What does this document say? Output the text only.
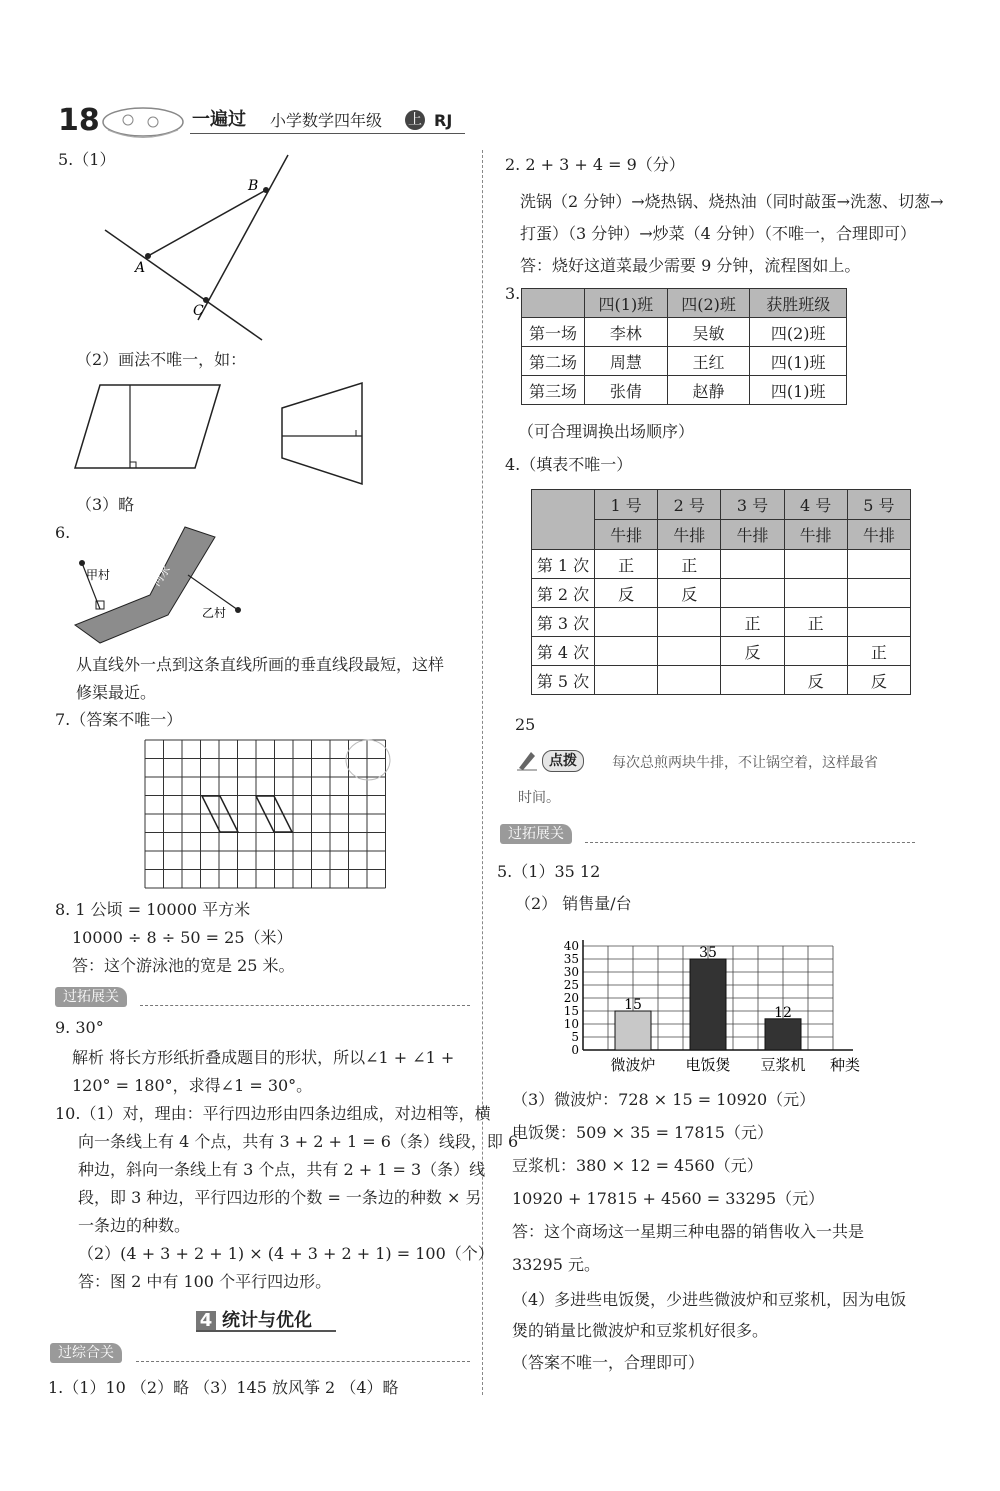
18	一遍过 小学数学四年级 上 RJ
5.（1）
A
B
C
（2）画法不唯一，如：
（3）略
6.
甲村
乙村
河水
从直线外一点到这条直线所画的垂直线段最短，这样
修渠最近。
7.（答案不唯一）
8. 1 公顷 = 10000 平方米
10000 ÷ 8 ÷ 50 = 25（米）
答：这个游泳池的宽是 25 米。
过拓展关
9. 30°
解析 将长方形纸折叠成题目的形状，所以∠1 + ∠1 +
120° = 180°，求得∠1 = 30°。
10.（1）对，理由：平行四边形由四条边组成，对边相等，横
向一条线上有 4 个点，共有 3 + 2 + 1 = 6（条）线段，即 6
种边，斜向一条线上有 3 个点，共有 2 + 1 = 3（条）线
段，即 3 种边，平行四边形的个数 = 一条边的种数 × 另
一条边的种数。
（2）(4 + 3 + 2 + 1) × (4 + 3 + 2 + 1) = 100（个）
答：图 2 中有 100 个平行四边形。
4 统计与优化
过综合关
1.（1）10 （2）略 （3）145 放风筝 2 （4）略
2. 2 + 3 + 4 = 9（分）
洗锅（2 分钟）→烧热锅、烧热油（同时敲蛋→洗葱、切葱→
打蛋）（3 分钟）→炒菜（4 分钟）（不唯一，合理即可）
答：烧好这道菜最少需要 9 分钟，流程图如上。
3.
	四(1)班	四(2)班	获胜班级
第一场	李林	吴敏	四(2)班
第二场	周慧	王红	四(1)班
第三场	张倩	赵静	四(1)班
（可合理调换出场顺序）
4.（填表不唯一）
	1 号	2 号	3 号	4 号	5 号
	牛排	牛排	牛排	牛排	牛排
第 1 次	正	正			
第 2 次	反	反			
第 3 次			正	正	
第 4 次			反		正
第 5 次				反	反
25
点拨	每次总煎两块牛排，不让锅空着，这样最省
时间。
过拓展关
5.（1）35 12
（2） 销售量/台
0
5
10
15
20
25
30
35
40
15
微波炉
35
电饭煲
12
豆浆机 种类
（3）微波炉：728 × 15 = 10920（元）
电饭煲：509 × 35 = 17815（元）
豆浆机：380 × 12 = 4560（元）
10920 + 17815 + 4560 = 33295（元）
答：这个商场这一星期三种电器的销售收入一共是
33295 元。
（4）多进些电饭煲，少进些微波炉和豆浆机，因为电饭
煲的销量比微波炉和豆浆机好很多。
（答案不唯一，合理即可）
